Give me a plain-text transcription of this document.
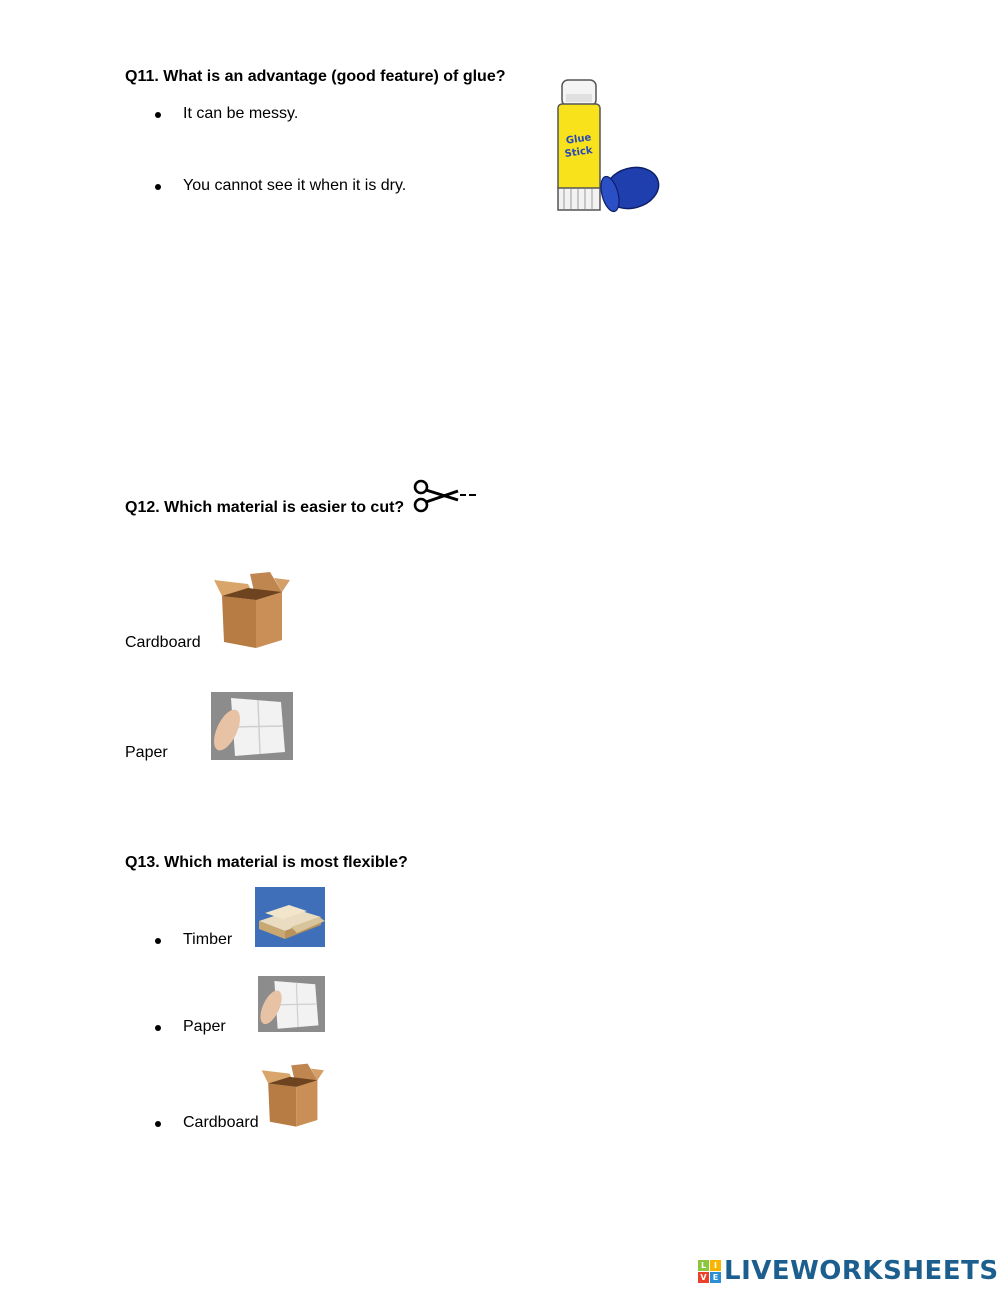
Q11. What is an advantage (good feature) of glue?
It can be messy.
You cannot see it when it is dry.
Glue
Stick
Q12. Which material is easier to cut?
Cardboard
Paper
Q13. Which material is most flexible?
Timber
Paper
Cardboard
L I
V E LIVEWORKSHEETS
